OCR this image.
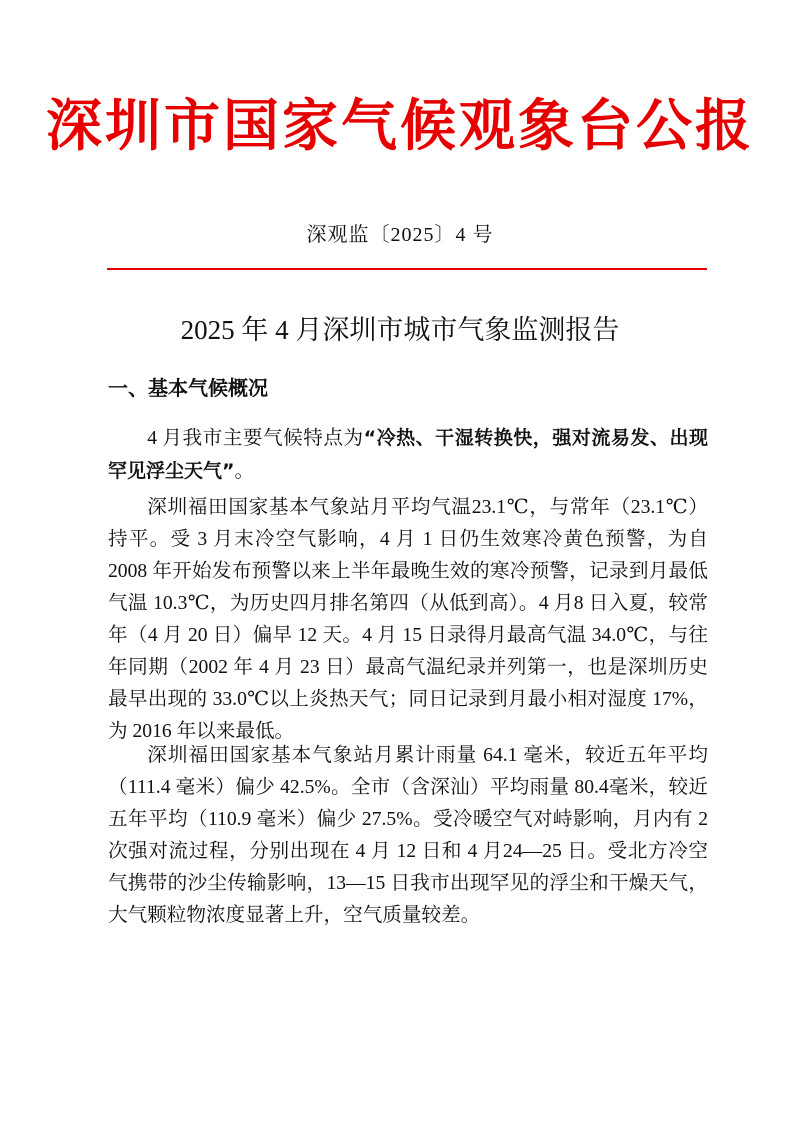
深圳市国家气候观象台公报
深观监〔2025〕4 号
2025 年 4 月深圳市城市气象监测报告
一、基本气候概况

4 月我市主要气候特点为“冷热、干湿转换快，强对流易发、出现罕见浮尘天气”。

深圳福田国家基本气象站月平均气温23.1℃，与常年（23.1℃）持平。受 3 月末冷空气影响，4 月 1 日仍生效寒冷黄色预警，为自2008 年开始发布预警以来上半年最晚生效的寒冷预警，记录到月最低气温 10.3℃，为历史四月排名第四（从低到高）。4 月8 日入夏，较常年（4 月 20 日）偏早 12 天。4 月 15 日录得月最高气温 34.0℃，与往年同期（2002 年 4 月 23 日）最高气温纪录并列第一，也是深圳历史最早出现的 33.0℃以上炎热天气；同日记录到月最小相对湿度 17%，为 2016 年以来最低。

深圳福田国家基本气象站月累计雨量 64.1 毫米，较近五年平均（111.4 毫米）偏少 42.5%。全市（含深汕）平均雨量 80.4毫米，较近五年平均（110.9 毫米）偏少 27.5%。受冷暖空气对峙影响，月内有 2 次强对流过程，分别出现在 4 月 12 日和 4 月24—25 日。受北方冷空气携带的沙尘传输影响，13—15 日我市出现罕见的浮尘和干燥天气，大气颗粒物浓度显著上升，空气质量较差。
